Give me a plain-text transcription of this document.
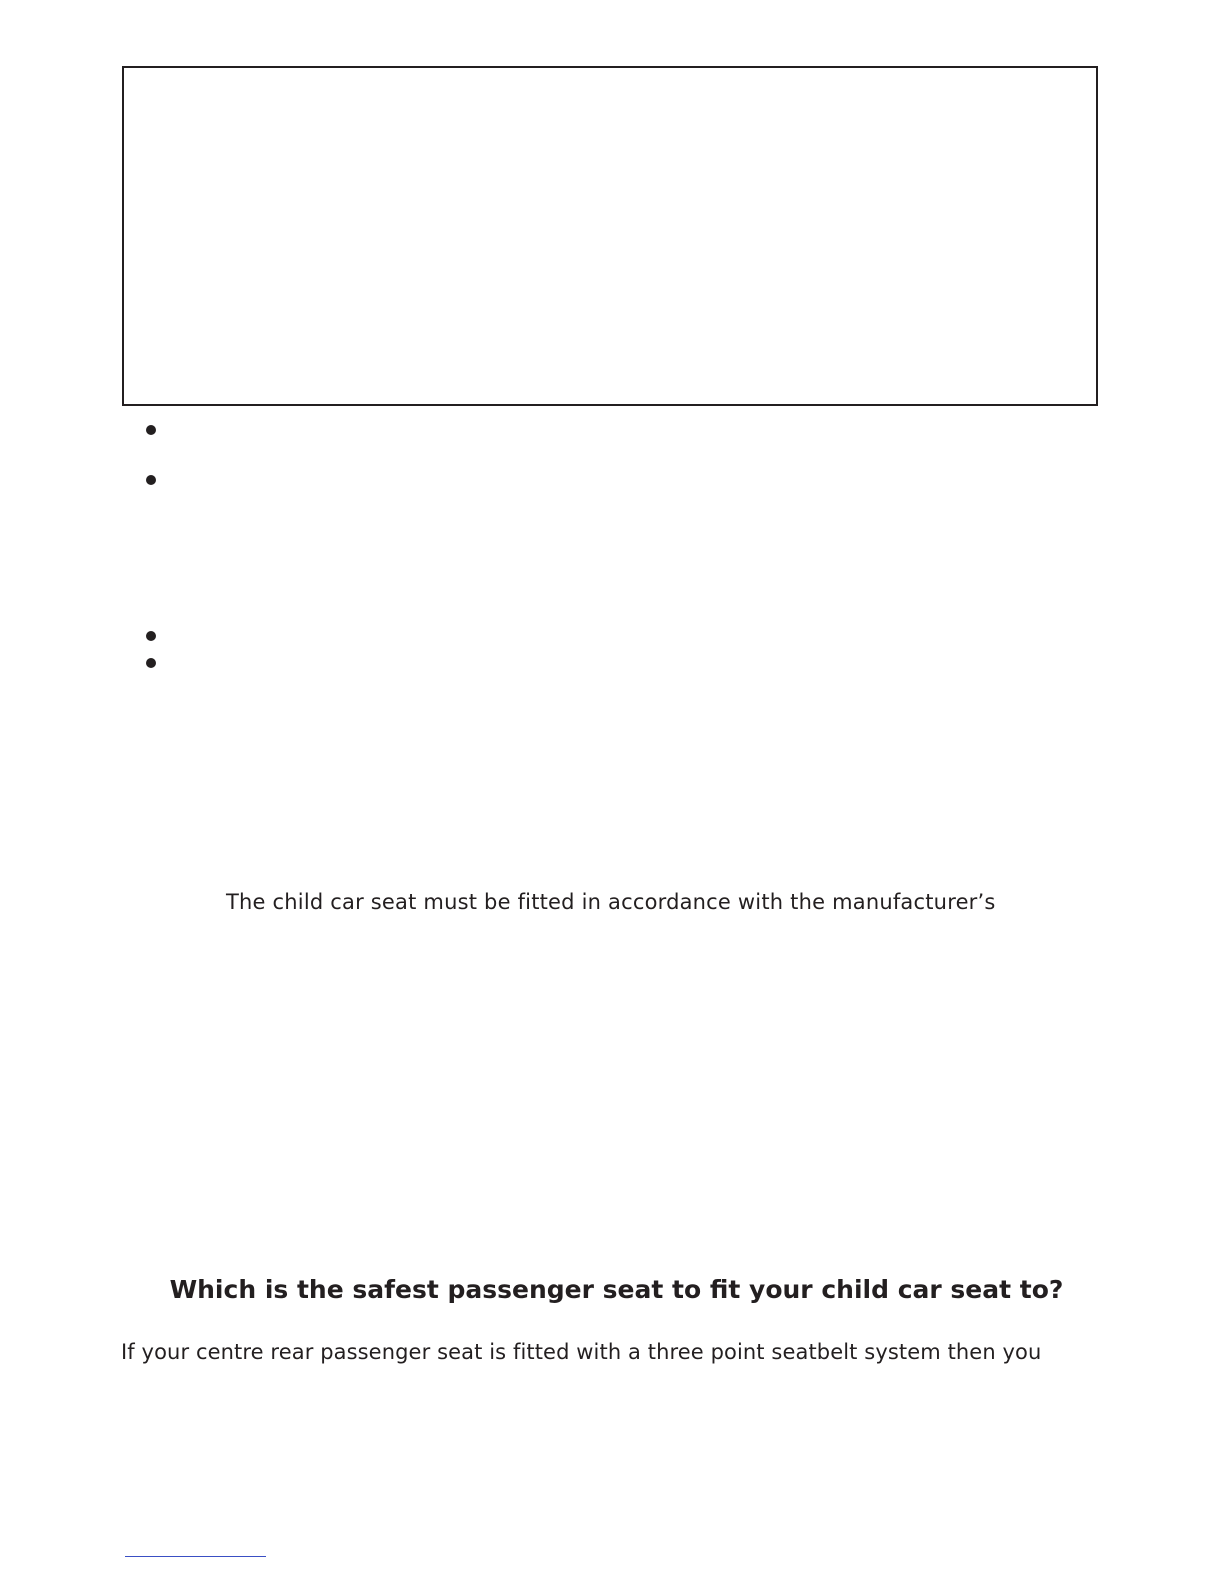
The child car seat must be fitted in accordance with the manufacturer’s

Which is the safest passenger seat to fit your child car seat to?

If your centre rear passenger seat is fitted with a three point seatbelt system then you
